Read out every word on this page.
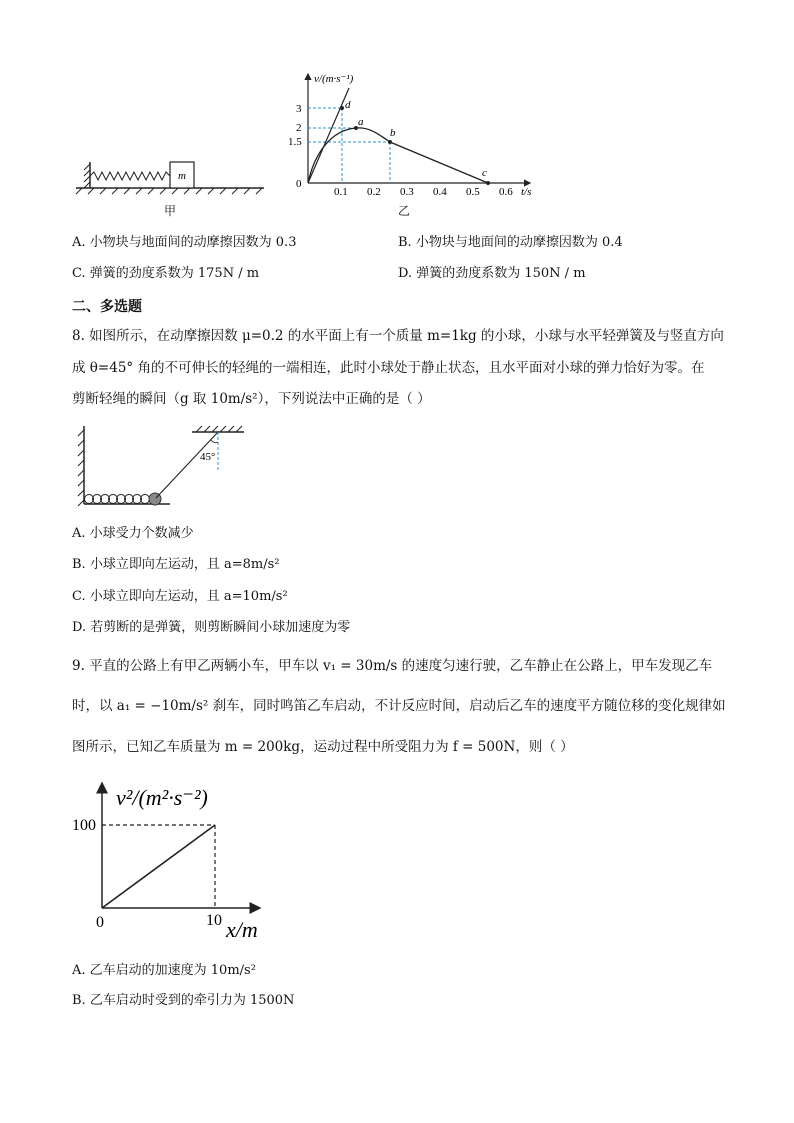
m
甲
v/(m·s⁻¹)
t/s
0
3
2
1.5
0.1 0.2 0.3 0.4 0.5 0.6
d
a
b
c
乙
A. 小物块与地面间的动摩擦因数为 0.3	B. 小物块与地面间的动摩擦因数为 0.4
C. 弹簧的劲度系数为 175N / m	D. 弹簧的劲度系数为 150N / m
二、多选题
8. 如图所示，在动摩擦因数 μ=0.2 的水平面上有一个质量 m=1kg 的小球，小球与水平轻弹簧及与竖直方向
成 θ=45° 角的不可伸长的轻绳的一端相连，此时小球处于静止状态，且水平面对小球的弹力恰好为零。在
剪断轻绳的瞬间（g 取 10m/s²），下列说法中正确的是（ ）
45°
A. 小球受力个数减少
B. 小球立即向左运动，且 a=8m/s²
C. 小球立即向左运动，且 a=10m/s²
D. 若剪断的是弹簧，则剪断瞬间小球加速度为零
9. 平直的公路上有甲乙两辆小车，甲车以 v₁ = 30m/s 的速度匀速行驶，乙车静止在公路上，甲车发现乙车
时，以 a₁ = −10m/s² 刹车，同时鸣笛乙车启动，不计反应时间，启动后乙车的速度平方随位移的变化规律如
图所示，已知乙车质量为 m = 200kg，运动过程中所受阻力为 f = 500N，则（ ）
v²/(m²·s⁻²)
x/m
0
100
10
A. 乙车启动的加速度为 10m/s²
B. 乙车启动时受到的牵引力为 1500N
